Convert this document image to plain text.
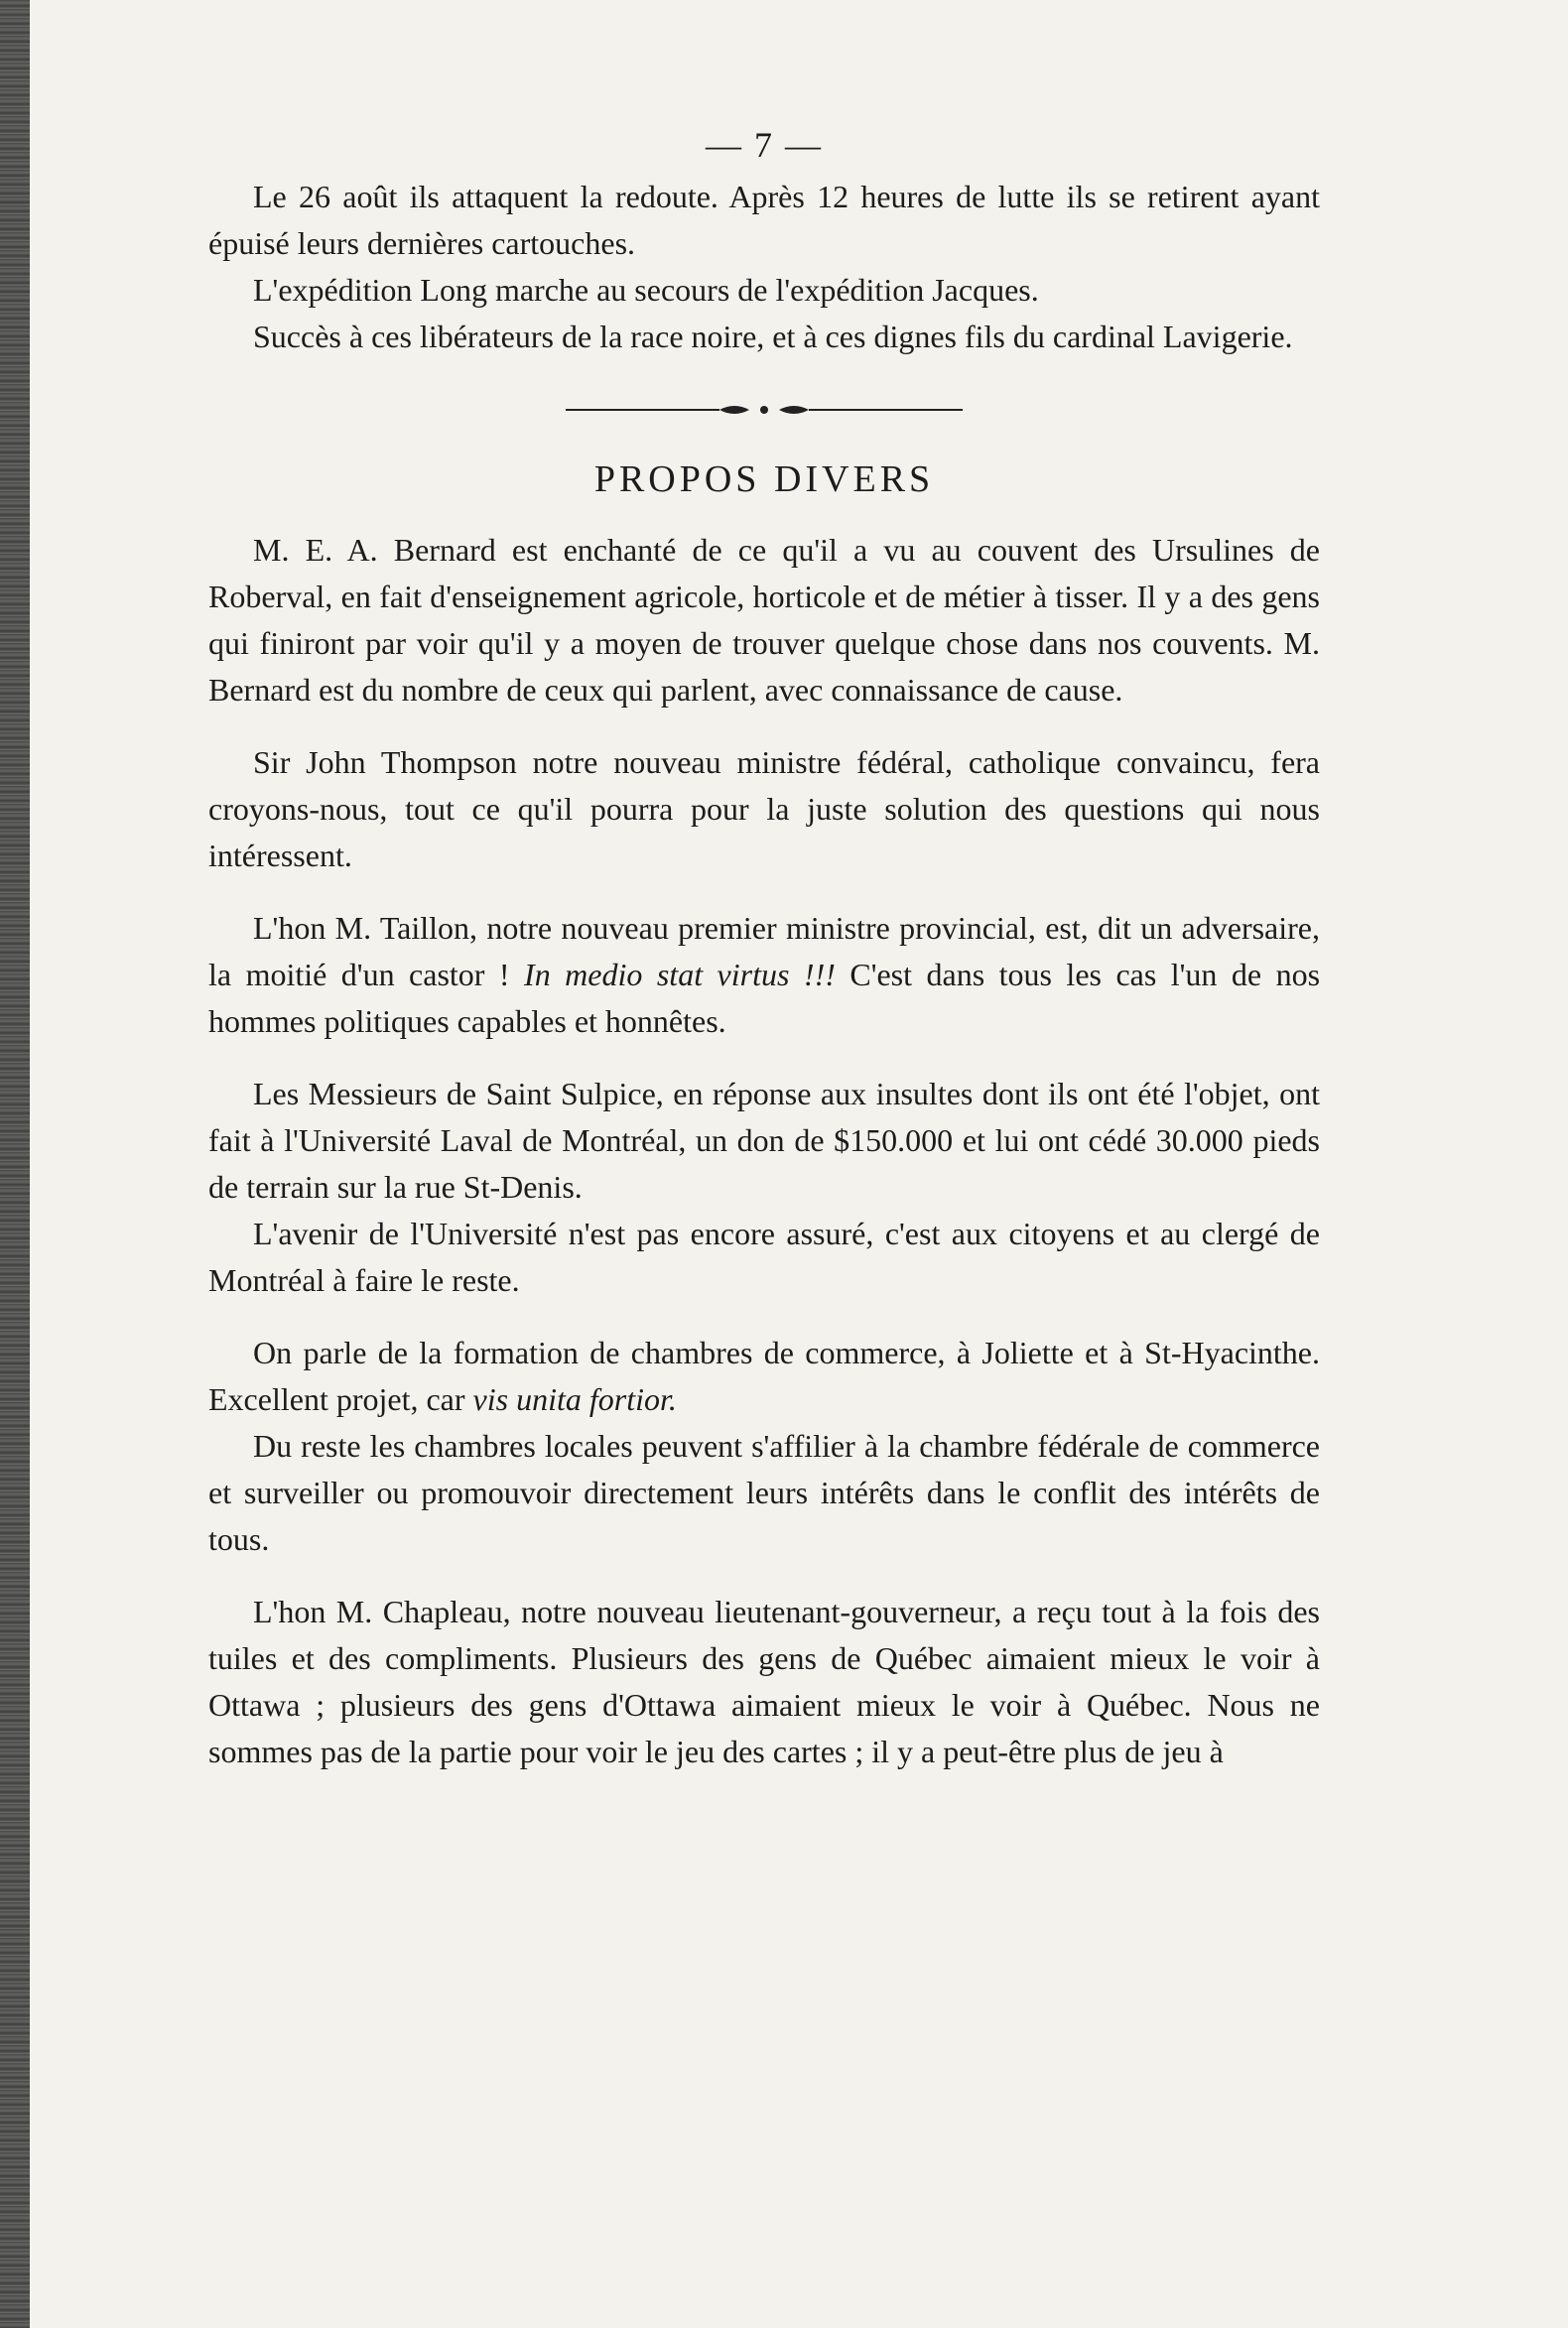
— 7 —

Le 26 août ils attaquent la redoute. Après 12 heures de lutte ils se retirent ayant épuisé leurs dernières cartouches.

L'expédition Long marche au secours de l'expédition Jacques.

Succès à ces libérateurs de la race noire, et à ces dignes fils du cardinal Lavigerie.

PROPOS DIVERS

M. E. A. Bernard est enchanté de ce qu'il a vu au couvent des Ursulines de Roberval, en fait d'enseignement agricole, horticole et de métier à tisser. Il y a des gens qui finiront par voir qu'il y a moyen de trouver quelque chose dans nos couvents. M. Bernard est du nombre de ceux qui parlent, avec connaissance de cause.

Sir John Thompson notre nouveau ministre fédéral, catholique convaincu, fera croyons-nous, tout ce qu'il pourra pour la juste solution des questions qui nous intéressent.

L'hon M. Taillon, notre nouveau premier ministre provincial, est, dit un adversaire, la moitié d'un castor ! In medio stat virtus !!! C'est dans tous les cas l'un de nos hommes politiques capables et honnêtes.

Les Messieurs de Saint Sulpice, en réponse aux insultes dont ils ont été l'objet, ont fait à l'Université Laval de Montréal, un don de $150.000 et lui ont cédé 30.000 pieds de terrain sur la rue St-Denis.

L'avenir de l'Université n'est pas encore assuré, c'est aux citoyens et au clergé de Montréal à faire le reste.

On parle de la formation de chambres de commerce, à Joliette et à St-Hyacinthe. Excellent projet, car vis unita fortior.

Du reste les chambres locales peuvent s'affilier à la chambre fédérale de commerce et surveiller ou promouvoir directement leurs intérêts dans le conflit des intérêts de tous.

L'hon M. Chapleau, notre nouveau lieutenant-gouverneur, a reçu tout à la fois des tuiles et des compliments. Plusieurs des gens de Québec aimaient mieux le voir à Ottawa ; plusieurs des gens d'Ottawa aimaient mieux le voir à Québec. Nous ne sommes pas de la partie pour voir le jeu des cartes ; il y a peut-être plus de jeu à
